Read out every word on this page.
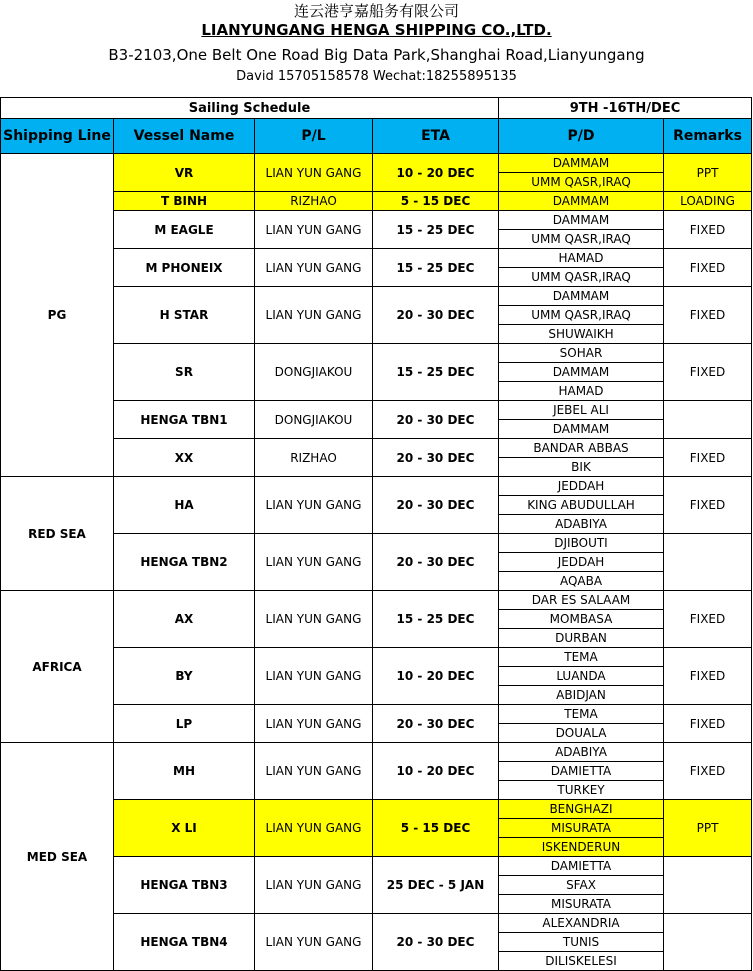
连云港亨嘉船务有限公司
LIANYUNGANG HENGA SHIPPING CO.,LTD.
B3-2103,One Belt One Road Big Data Park,Shanghai Road,Lianyungang
David 15705158578 Wechat:18255895135
Sailing Schedule				9TH -16TH/DEC	
Shipping Line	Vessel Name	P/L	ETA	P/D	Remarks
PG	VR	LIAN YUN GANG	10 - 20 DEC	DAMMAM	PPT
				UMM QASR,IRAQ	
	T BINH	RIZHAO	5 - 15 DEC	DAMMAM	LOADING
	M EAGLE	LIAN YUN GANG	15 - 25 DEC	DAMMAM	FIXED
				UMM QASR,IRAQ	
	M PHONEIX	LIAN YUN GANG	15 - 25 DEC	HAMAD	FIXED
				UMM QASR,IRAQ	
	H STAR	LIAN YUN GANG	20 - 30 DEC	DAMMAM	FIXED
				UMM QASR,IRAQ	
				SHUWAIKH	
	SR	DONGJIAKOU	15 - 25 DEC	SOHAR	FIXED
				DAMMAM	
				HAMAD	
	HENGA TBN1	DONGJIAKOU	20 - 30 DEC	JEBEL ALI	
				DAMMAM	
	XX	RIZHAO	20 - 30 DEC	BANDAR ABBAS	FIXED
				BIK	
RED SEA	HA	LIAN YUN GANG	20 - 30 DEC	JEDDAH	FIXED
				KING ABUDULLAH	
				ADABIYA	
	HENGA TBN2	LIAN YUN GANG	20 - 30 DEC	DJIBOUTI	
				JEDDAH	
				AQABA	
AFRICA	AX	LIAN YUN GANG	15 - 25 DEC	DAR ES SALAAM	FIXED
				MOMBASA	
				DURBAN	
	BY	LIAN YUN GANG	10 - 20 DEC	TEMA	FIXED
				LUANDA	
				ABIDJAN	
	LP	LIAN YUN GANG	20 - 30 DEC	TEMA	FIXED
				DOUALA	
MED SEA	MH	LIAN YUN GANG	10 - 20 DEC	ADABIYA	FIXED
				DAMIETTA	
				TURKEY	
	X LI	LIAN YUN GANG	5 - 15 DEC	BENGHAZI	PPT
				MISURATA	
				ISKENDERUN	
	HENGA TBN3	LIAN YUN GANG	25 DEC - 5 JAN	DAMIETTA	
				SFAX	
				MISURATA	
	HENGA TBN4	LIAN YUN GANG	20 - 30 DEC	ALEXANDRIA	
				TUNIS	
				DILISKELESI	
